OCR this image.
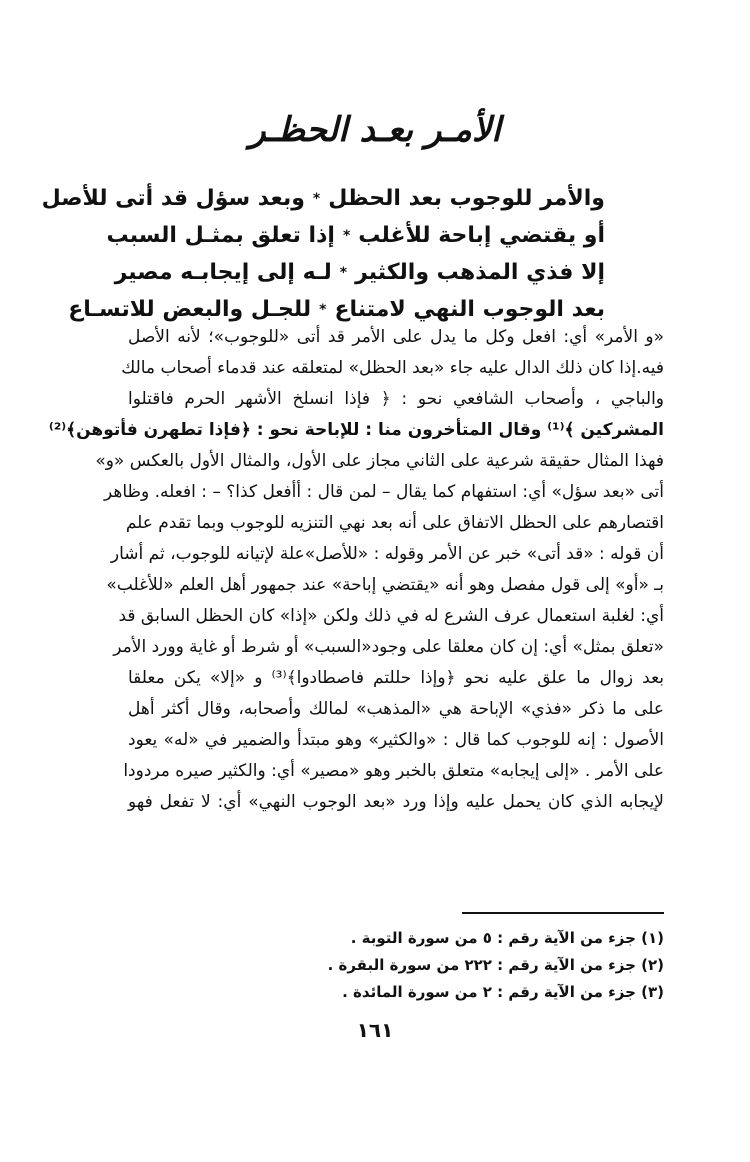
الأمـر بعـد الحظـر
والأمر للوجوب بعد الحظل
*
وبعد سؤل قد أتى للأصل
أو يقتضي إباحة للأغلب
*
إذا تعلق بمثـل السبب
إلا فذي المذهب والكثير
*
لـه إلى إيجابـه مصير
بعد الوجوب النهي لامتناع
*
للجـل والبعض للاتسـاع
«و الأمر» أي: افعل وكل ما يدل على الأمر قد أتى «للوجوب»؛ لأنه الأصل
فيه.إذا كان ذلك الدال عليه جاء «بعد الحظل» لمتعلقه عند قدماء أصحاب مالك
والباجي ، وأصحاب الشافعي نحو : ﴿ فإذا انسلخ الأشهر الحرم فاقتلوا
المشركين ﴾⁽¹⁾ وقال المتأخرون منا : للإباحة نحو : ﴿فإذا تطهرن فأتوهن﴾⁽²⁾
فهذا المثال حقيقة شرعية على الثاني مجاز على الأول، والمثال الأول بالعكس «و»
أتى «بعد سؤل» أي: استفهام كما يقال – لمن قال : أأفعل كذا؟ – : افعله. وظاهر
اقتصارهم على الحظل الاتفاق على أنه بعد نهي التنزيه للوجوب وبما تقدم علم
أن قوله : «قد أتى» خبر عن الأمر وقوله : «للأصل»علة لإتيانه للوجوب، ثم أشار
بـ «أو» إلى قول مفصل وهو أنه «يقتضي إباحة» عند جمهور أهل العلم «للأغلب»
أي: لغلبة استعمال عرف الشرع له في ذلك ولكن «إذا» كان الحظل السابق قد
«تعلق بمثل» أي: إن كان معلقا على وجود«السبب» أو شرط أو غاية وورد الأمر
بعد زوال ما علق عليه نحو ﴿وإذا حللتم فاصطادوا﴾⁽³⁾ و «إلا» يكن معلقا
على ما ذكر «فذي» الإباحة هي «المذهب» لمالك وأصحابه، وقال أكثر أهل
الأصول : إنه للوجوب كما قال : «والكثير» وهو مبتدأ والضمير في «له» يعود
على الأمر . «إلى إيجابه» متعلق بالخبر وهو «مصير» أي: والكثير صيره مردودا
لإيجابه الذي كان يحمل عليه وإذا ورد «بعد الوجوب النهي» أي: لا تفعل فهو
(١) جزء من الآية رقم : ٥ من سورة التوبة .
(٢) جزء من الآية رقم : ٢٢٢ من سورة البقرة .
(٣) جزء من الآية رقم : ٢ من سورة المائدة .
١٦١
